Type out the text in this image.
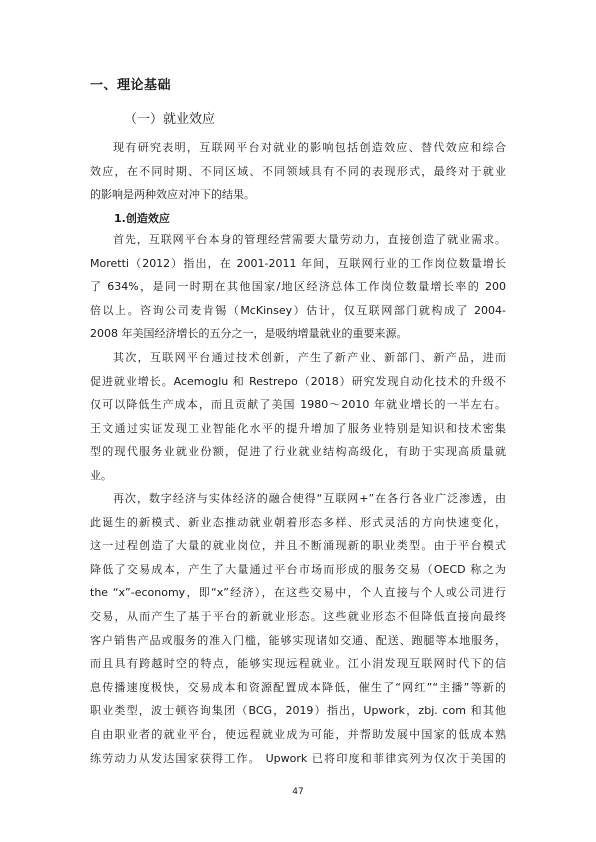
一、理论基础
（一）就业效应
现有研究表明，互联网平台对就业的影响包括创造效应、替代效应和综合
效应，在不同时期、不同区域、不同领域具有不同的表现形式，最终对于就业
的影响是两种效应对冲下的结果。
1.创造效应
首先，互联网平台本身的管理经营需要大量劳动力，直接创造了就业需求。
Moretti（2012）指出，在 2001-2011 年间，互联网行业的工作岗位数量增长
了 634%，是同一时期在其他国家/地区经济总体工作岗位数量增长率的 200
倍以上。咨询公司麦肯锡（McKinsey）估计，仅互联网部门就构成了 2004-
2008 年美国经济增长的五分之一，是吸纳增量就业的重要来源。
其次，互联网平台通过技术创新，产生了新产业、新部门、新产品，进而
促进就业增长。Acemoglu 和 Restrepo（2018）研究发现自动化技术的升级不
仅可以降低生产成本，而且贡献了美国 1980～2010 年就业增长的一半左右。
王文通过实证发现工业智能化水平的提升增加了服务业特别是知识和技术密集
型的现代服务业就业份额，促进了行业就业结构高级化，有助于实现高质量就
业。
再次，数字经济与实体经济的融合使得“互联网+”在各行各业广泛渗透，由
此诞生的新模式、新业态推动就业朝着形态多样、形式灵活的方向快速变化，
这一过程创造了大量的就业岗位，并且不断涌现新的职业类型。由于平台模式
降低了交易成本，产生了大量通过平台市场而形成的服务交易（OECD 称之为
the “x”-economy，即“x”经济），在这些交易中，个人直接与个人或公司进行
交易，从而产生了基于平台的新就业形态。这些就业形态不但降低直接向最终
客户销售产品或服务的准入门槛，能够实现诸如交通、配送、跑腿等本地服务，
而且具有跨越时空的特点，能够实现远程就业。江小涓发现互联网时代下的信
息传播速度极快，交易成本和资源配置成本降低，催生了“网红”“主播”等新的
职业类型，波士顿咨询集团（BCG，2019）指出，Upwork，zbj. com 和其他
自由职业者的就业平台，使远程就业成为可能，并帮助发展中国家的低成本熟
练劳动力从发达国家获得工作。 Upwork 已将印度和菲律宾列为仅次于美国的
47
